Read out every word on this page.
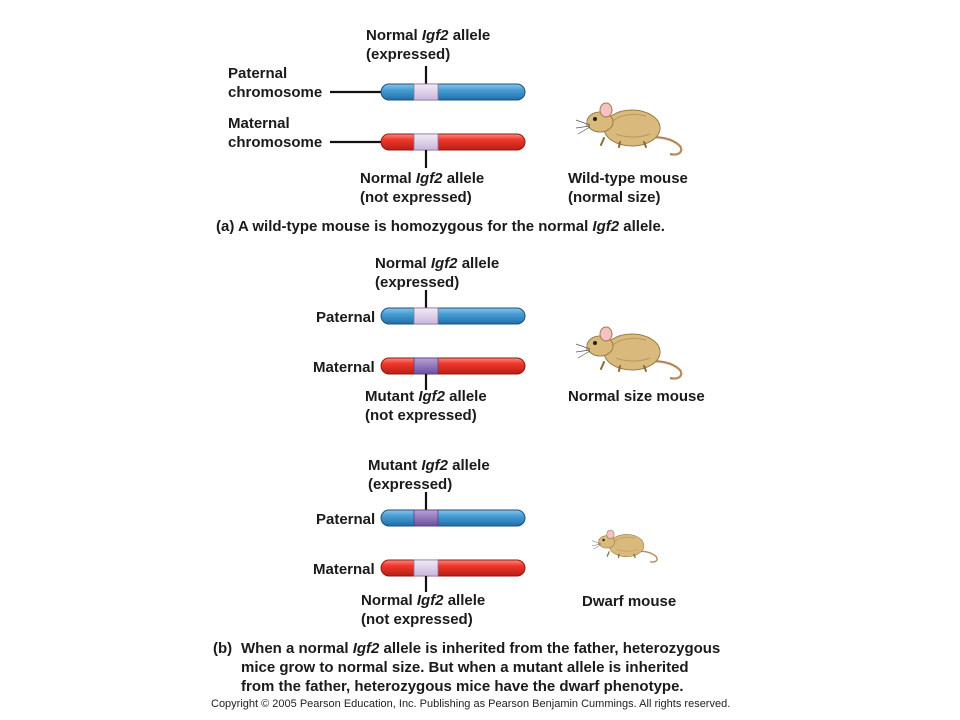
Normal Igf2 allele
(expressed)
Paternal
chromosome
Maternal
chromosome
Normal Igf2 allele
(not expressed)
Wild-type mouse
(normal size)
(a) A wild-type mouse is homozygous for the normal Igf2 allele.
Normal Igf2 allele
(expressed)
Paternal
Maternal
Mutant Igf2 allele
(not expressed)
Normal size mouse
Mutant Igf2 allele
(expressed)
Paternal
Maternal
Normal Igf2 allele
(not expressed)
Dwarf mouse
(b) When a normal Igf2 allele is inherited from the father, heterozygous
mice grow to normal size. But when a mutant allele is inherited
from the father, heterozygous mice have the dwarf phenotype.
Copyright © 2005 Pearson Education, Inc. Publishing as Pearson Benjamin Cummings. All rights reserved.
